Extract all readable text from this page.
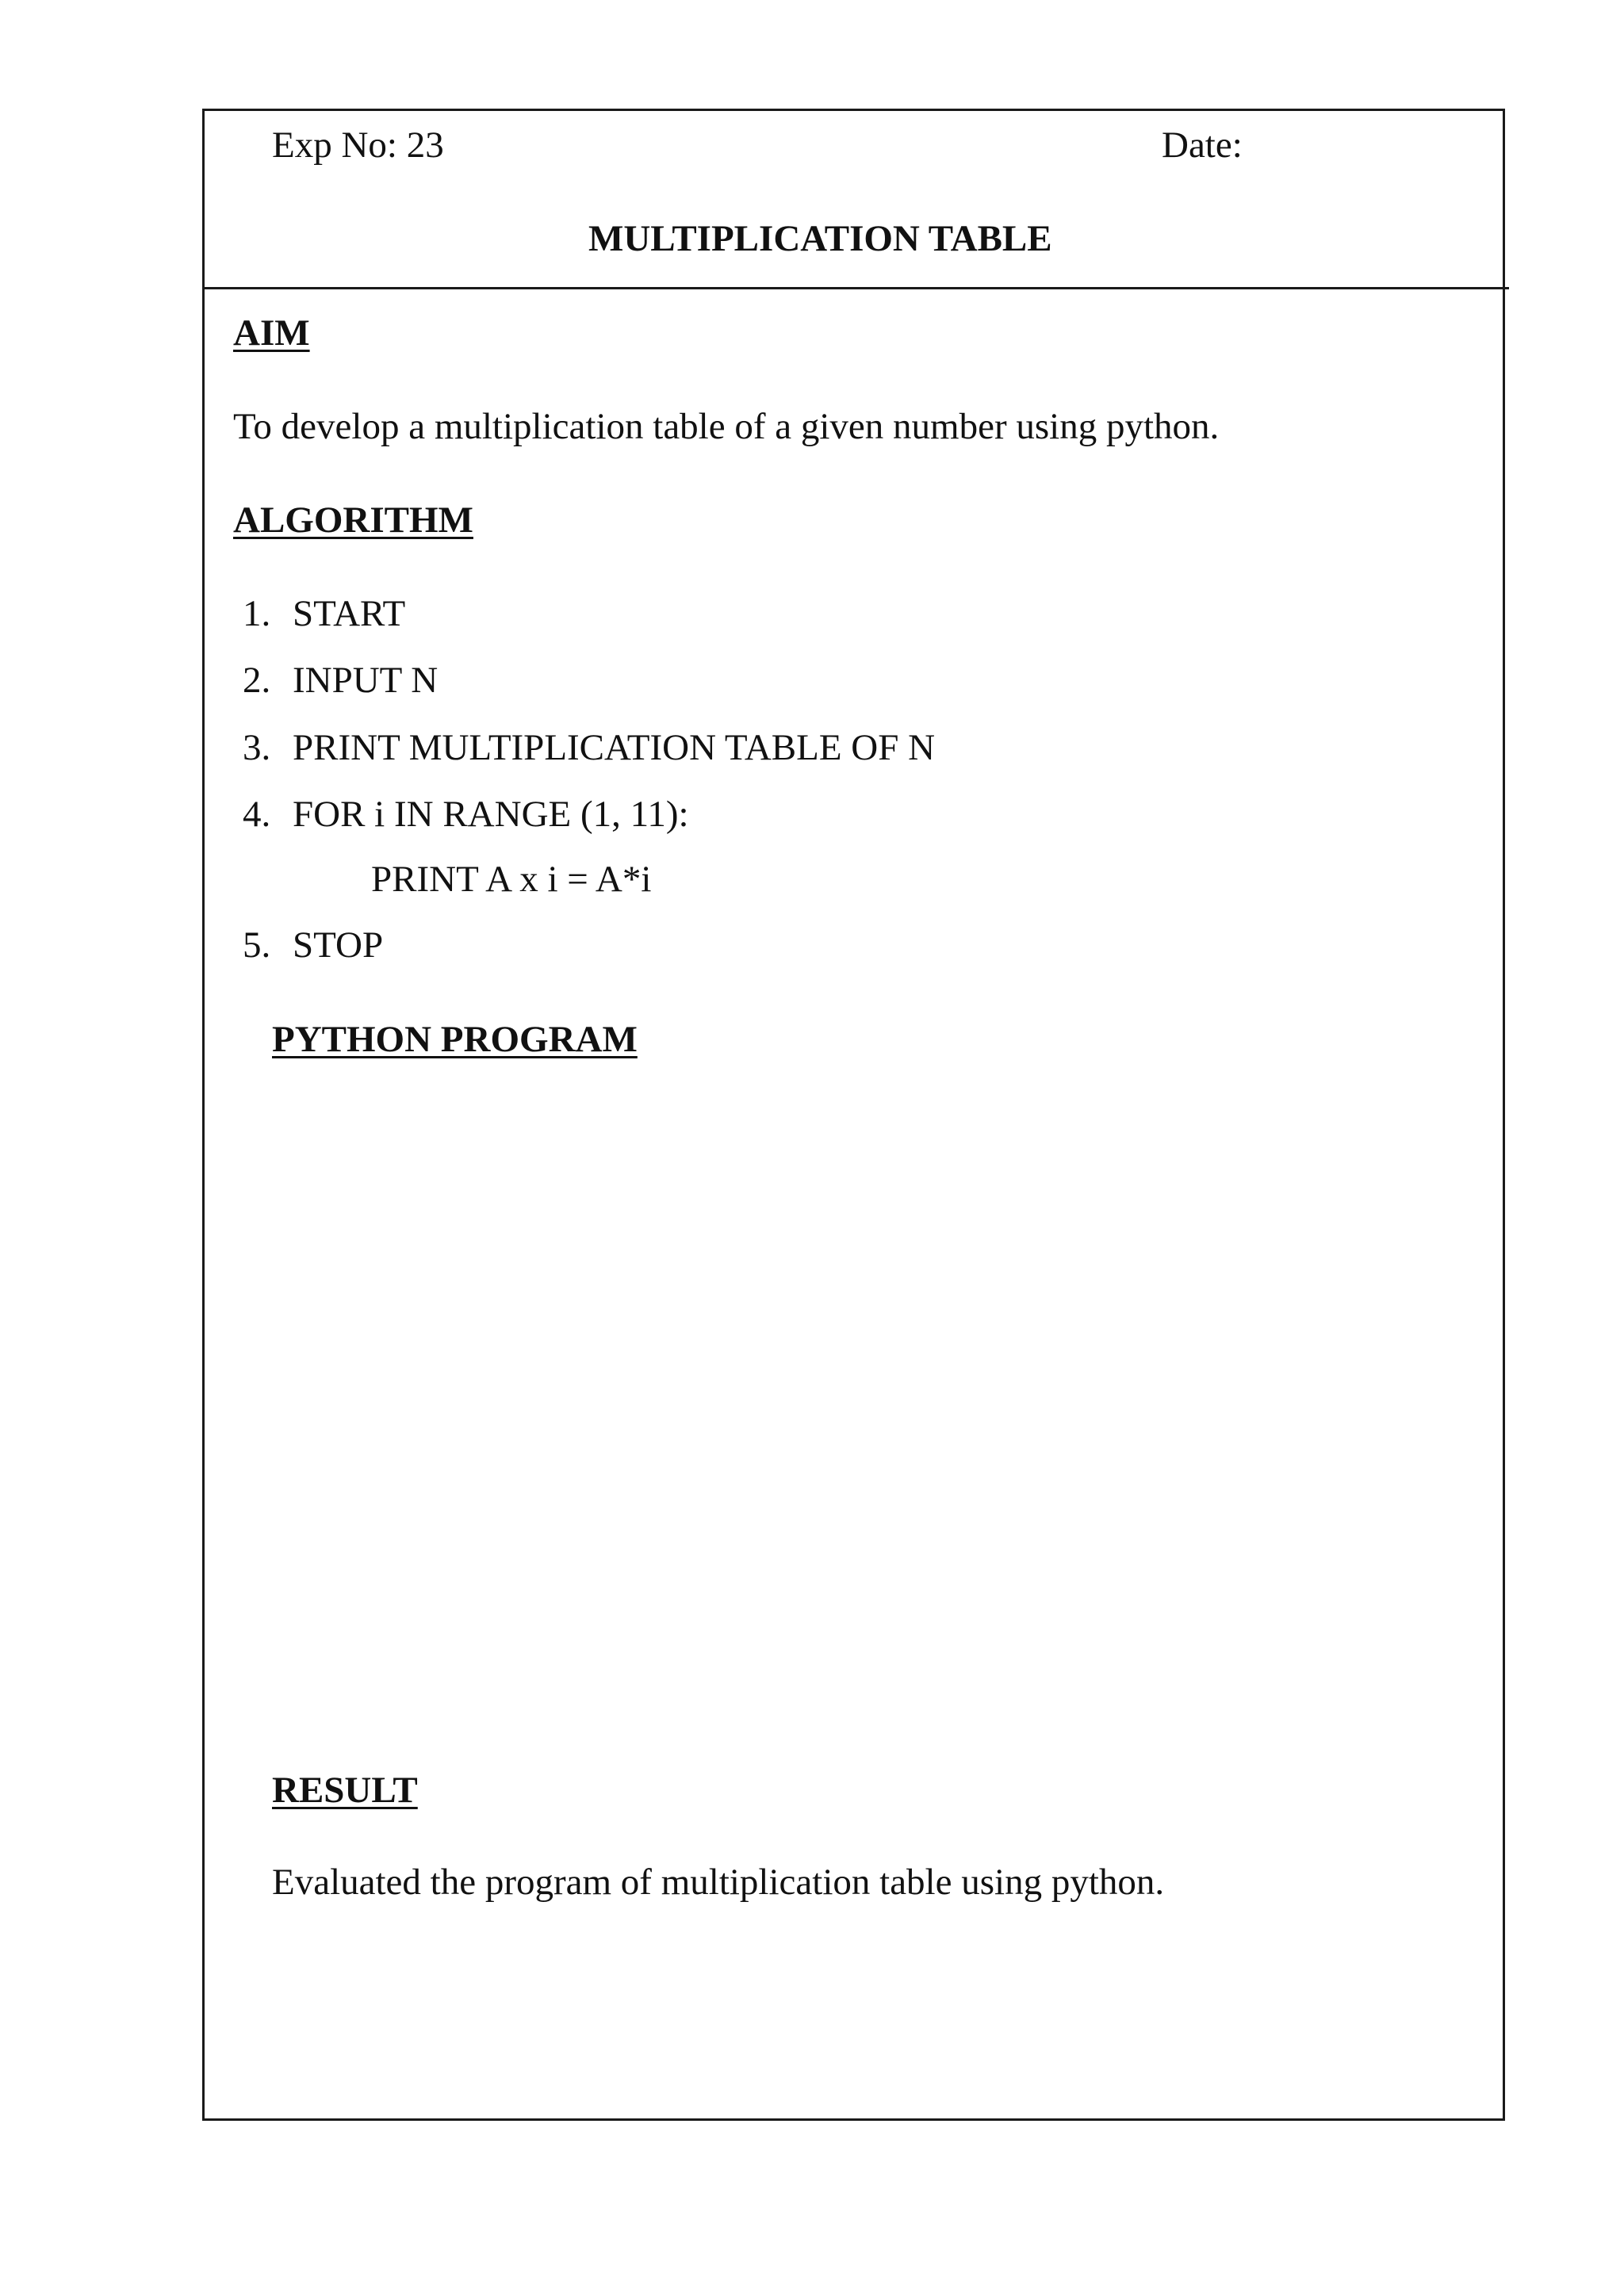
Exp No: 23	Date:
MULTIPLICATION TABLE
AIM
To develop a multiplication table of a given number using python.
ALGORITHM
1. START
2. INPUT N
3. PRINT MULTIPLICATION TABLE OF N
4. FOR i IN RANGE (1, 11):
PRINT A x i = A*i
5. STOP
PYTHON PROGRAM
RESULT
Evaluated the program of multiplication table using python.
